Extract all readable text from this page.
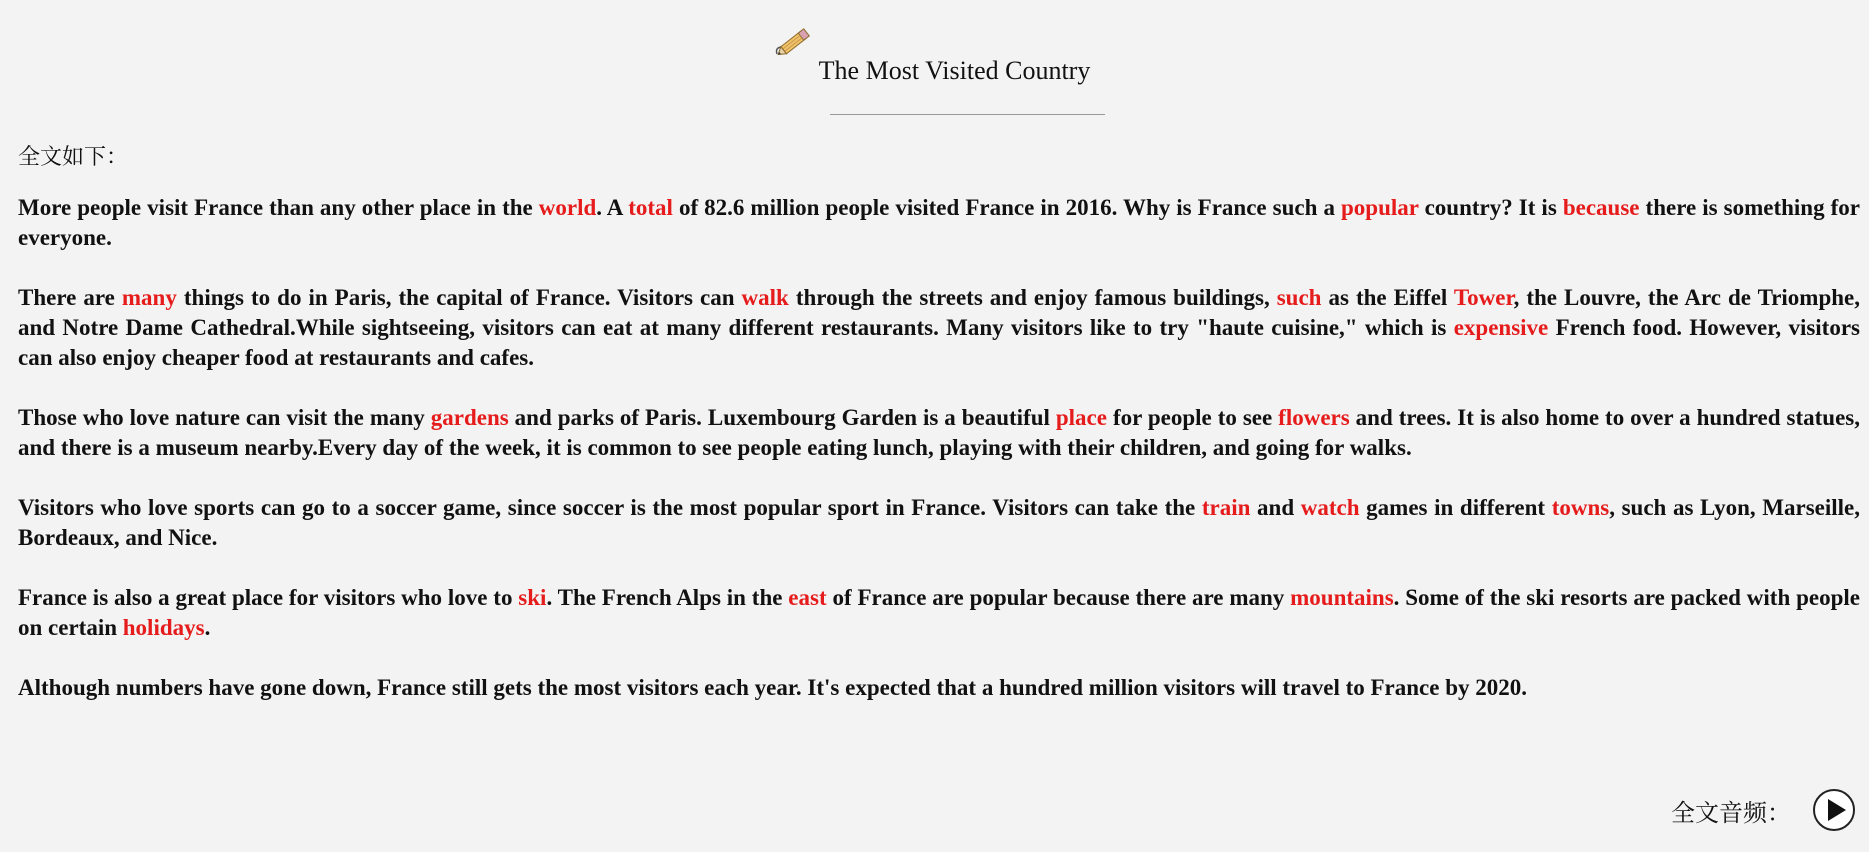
The Most Visited Country
全文如下：

More people visit France than any other place in the world. A total of 82.6 million people visited France in 2016. Why is France such a popular country? It is because there is something for everyone.

There are many things to do in Paris, the capital of France. Visitors can walk through the streets and enjoy famous buildings, such as the Eiffel Tower, the Louvre, the Arc de Triomphe, and Notre Dame Cathedral.While sightseeing, visitors can eat at many different restaurants. Many visitors like to try "haute cuisine," which is expensive French food. However, visitors can also enjoy cheaper food at restaurants and cafes.

Those who love nature can visit the many gardens and parks of Paris. Luxembourg Garden is a beautiful place for people to see flowers and trees. It is also home to over a hundred statues, and there is a museum nearby.Every day of the week, it is common to see people eating lunch, playing with their children, and going for walks.

Visitors who love sports can go to a soccer game, since soccer is the most popular sport in France. Visitors can take the train and watch games in different towns, such as Lyon, Marseille, Bordeaux, and Nice.

France is also a great place for visitors who love to ski. The French Alps in the east of France are popular because there are many mountains. Some of the ski resorts are packed with people on certain holidays.

Although numbers have gone down, France still gets the most visitors each year. It's expected that a hundred million visitors will travel to France by 2020.

全文音频：
